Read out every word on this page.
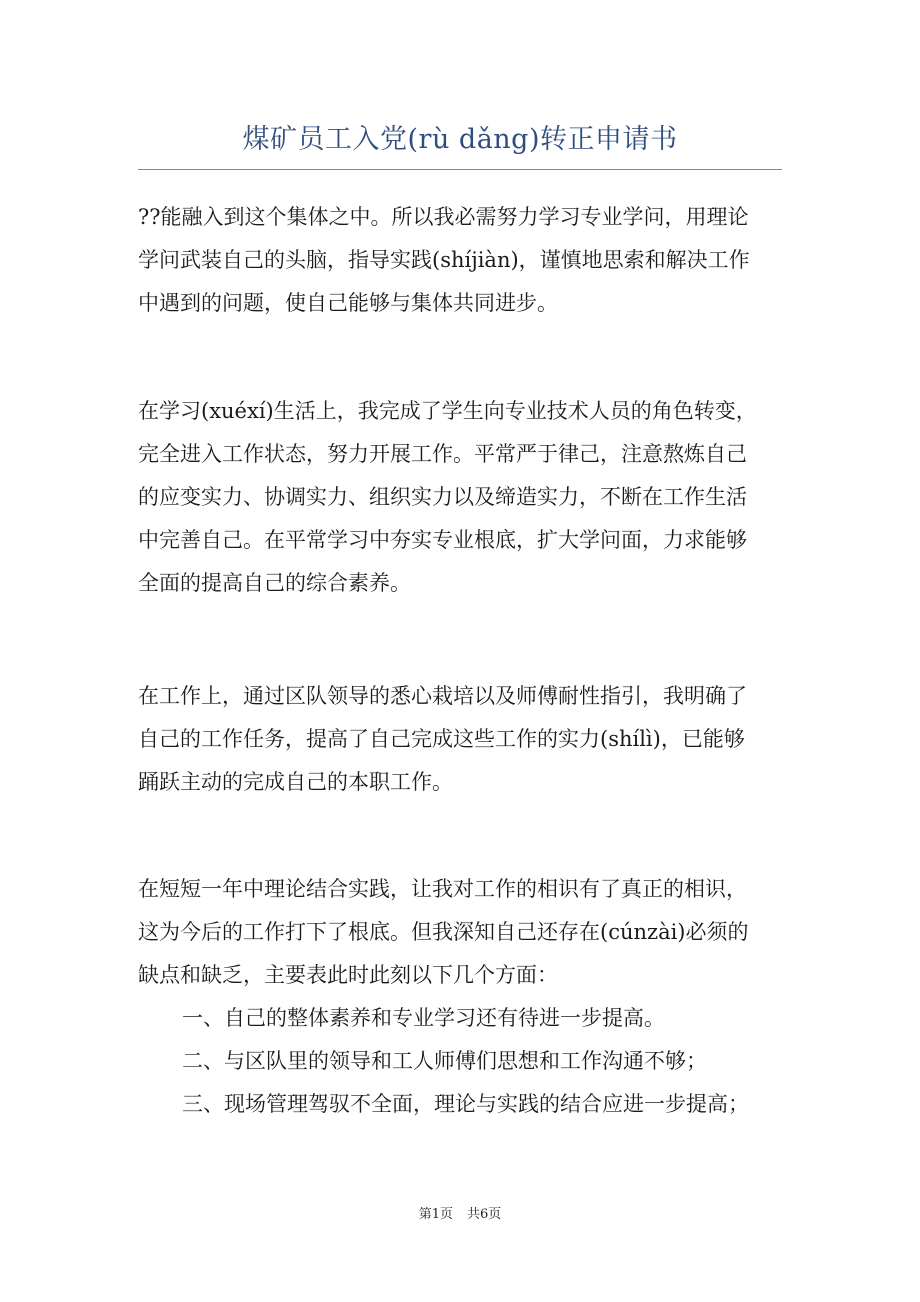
煤矿员工入党(rù dǎng)转正申请书
??能融入到这个集体之中。所以我必需努力学习专业学问，用理论
学问武装自己的头脑，指导实践(shíjiàn)，谨慎地思索和解决工作
中遇到的问题，使自己能够与集体共同进步。
在学习(xuéxí)生活上，我完成了学生向专业技术人员的角色转变，
完全进入工作状态，努力开展工作。平常严于律己，注意熬炼自己
的应变实力、协调实力、组织实力以及缔造实力，不断在工作生活
中完善自己。在平常学习中夯实专业根底，扩大学问面，力求能够
全面的提高自己的综合素养。
在工作上，通过区队领导的悉心栽培以及师傅耐性指引，我明确了
自己的工作任务，提高了自己完成这些工作的实力(shílì)，已能够
踊跃主动的完成自己的本职工作。
在短短一年中理论结合实践，让我对工作的相识有了真正的相识，
这为今后的工作打下了根底。但我深知自己还存在(cúnzài)必须的
缺点和缺乏，主要表此时此刻以下几个方面：
一、自己的整体素养和专业学习还有待进一步提高。
二、与区队里的领导和工人师傅们思想和工作沟通不够；
三、现场管理驾驭不全面，理论与实践的结合应进一步提高；
第1页 共6页
